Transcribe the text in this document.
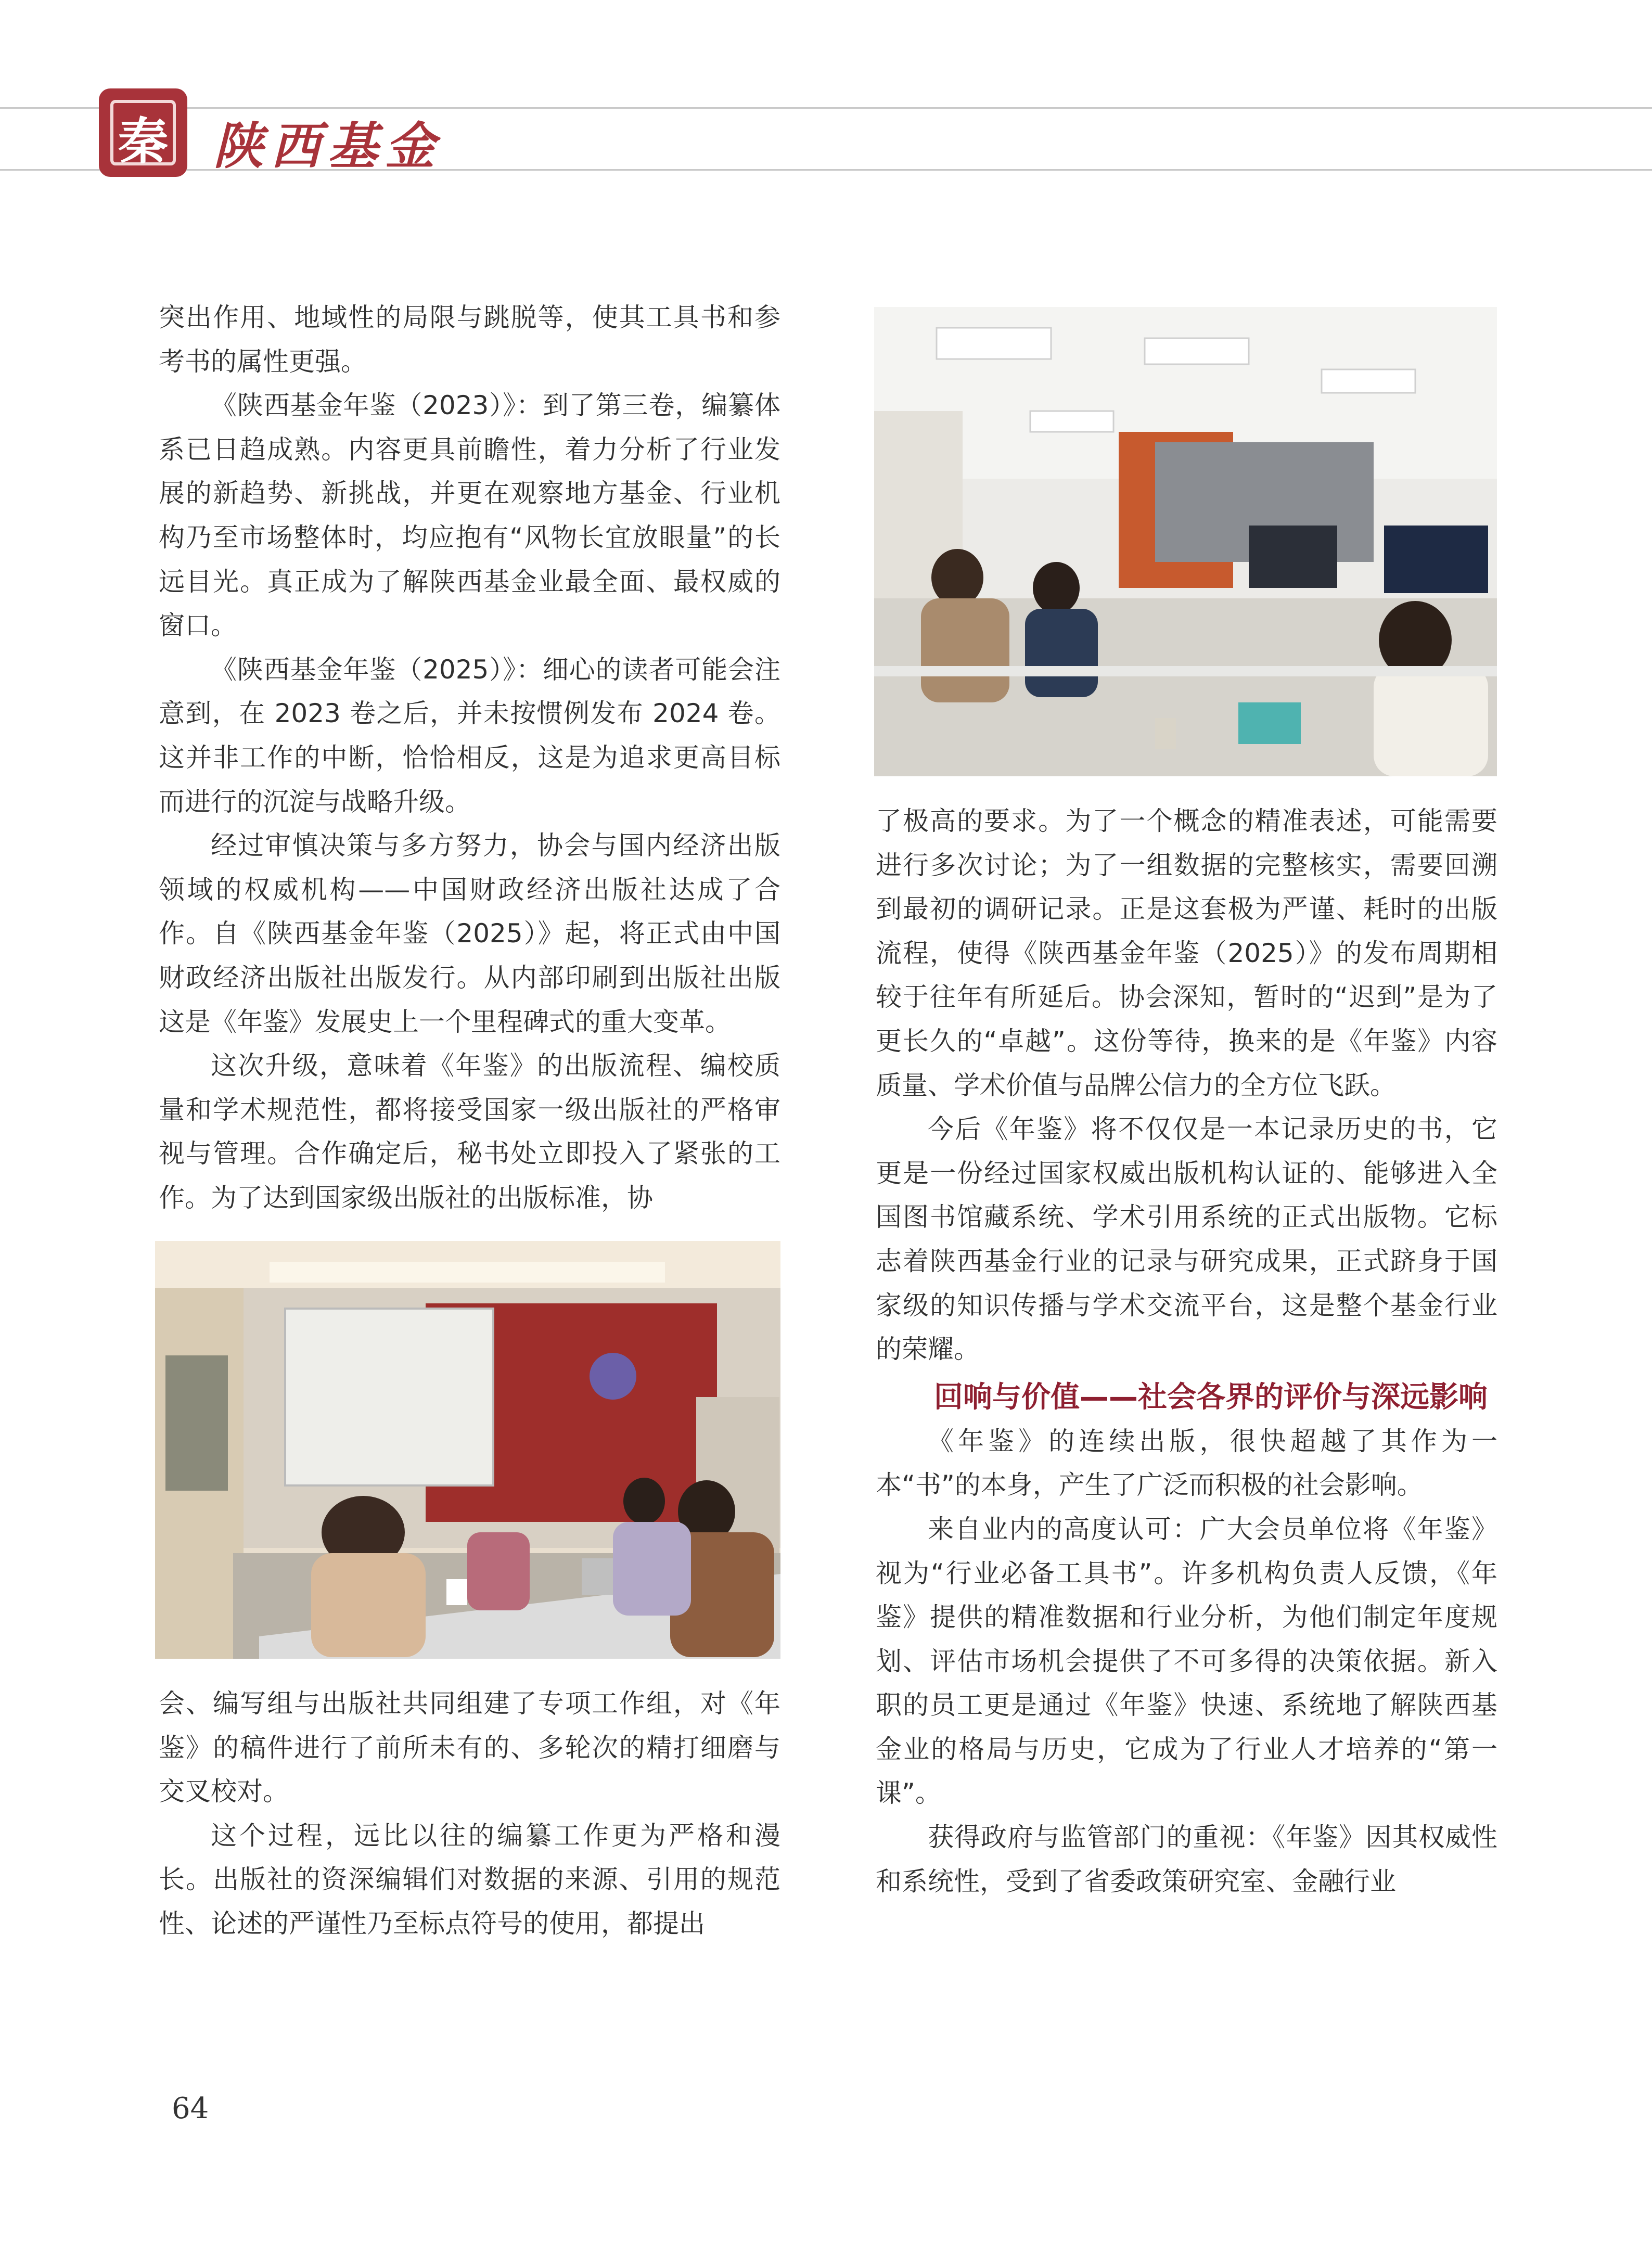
秦 陕西基金

突出作用、地域性的局限与跳脱等，使其工具书和参考书的属性更强。

《陕西基金年鉴（2023）》：到了第三卷，编纂体系已日趋成熟。内容更具前瞻性，着力分析了行业发展的新趋势、新挑战，并更在观察地方基金、行业机构乃至市场整体时，均应抱有“风物长宜放眼量”的长远目光。真正成为了解陕西基金业最全面、最权威的窗口。

《陕西基金年鉴（2025）》：细心的读者可能会注意到，在 2023 卷之后，并未按惯例发布 2024 卷。这并非工作的中断，恰恰相反，这是为追求更高目标而进行的沉淀与战略升级。

经过审慎决策与多方努力，协会与国内经济出版领域的权威机构——中国财政经济出版社达成了合作。自《陕西基金年鉴（2025）》起，将正式由中国财政经济出版社出版发行。从内部印刷到出版社出版这是《年鉴》发展史上一个里程碑式的重大变革。

这次升级，意味着《年鉴》的出版流程、编校质量和学术规范性，都将接受国家一级出版社的严格审视与管理。合作确定后，秘书处立即投入了紧张的工作。为了达到国家级出版社的出版标准，协

会、编写组与出版社共同组建了专项工作组，对《年鉴》的稿件进行了前所未有的、多轮次的精打细磨与交叉校对。

这个过程，远比以往的编纂工作更为严格和漫长。出版社的资深编辑们对数据的来源、引用的规范性、论述的严谨性乃至标点符号的使用，都提出

了极高的要求。为了一个概念的精准表述，可能需要进行多次讨论；为了一组数据的完整核实，需要回溯到最初的调研记录。正是这套极为严谨、耗时的出版流程，使得《陕西基金年鉴（2025）》的发布周期相较于往年有所延后。协会深知，暂时的“迟到”是为了更长久的“卓越”。这份等待，换来的是《年鉴》内容质量、学术价值与品牌公信力的全方位飞跃。

今后《年鉴》将不仅仅是一本记录历史的书，它更是一份经过国家权威出版机构认证的、能够进入全国图书馆藏系统、学术引用系统的正式出版物。它标志着陕西基金行业的记录与研究成果，正式跻身于国家级的知识传播与学术交流平台，这是整个基金行业的荣耀。

回响与价值——社会各界的评价与深远影响

《年鉴》的连续出版，很快超越了其作为一本“书”的本身，产生了广泛而积极的社会影响。

来自业内的高度认可：广大会员单位将《年鉴》视为“行业必备工具书”。许多机构负责人反馈，《年鉴》提供的精准数据和行业分析，为他们制定年度规划、评估市场机会提供了不可多得的决策依据。新入职的员工更是通过《年鉴》快速、系统地了解陕西基金业的格局与历史，它成为了行业人才培养的“第一课”。

获得政府与监管部门的重视：《年鉴》因其权威性和系统性，受到了省委政策研究室、金融行业

64
